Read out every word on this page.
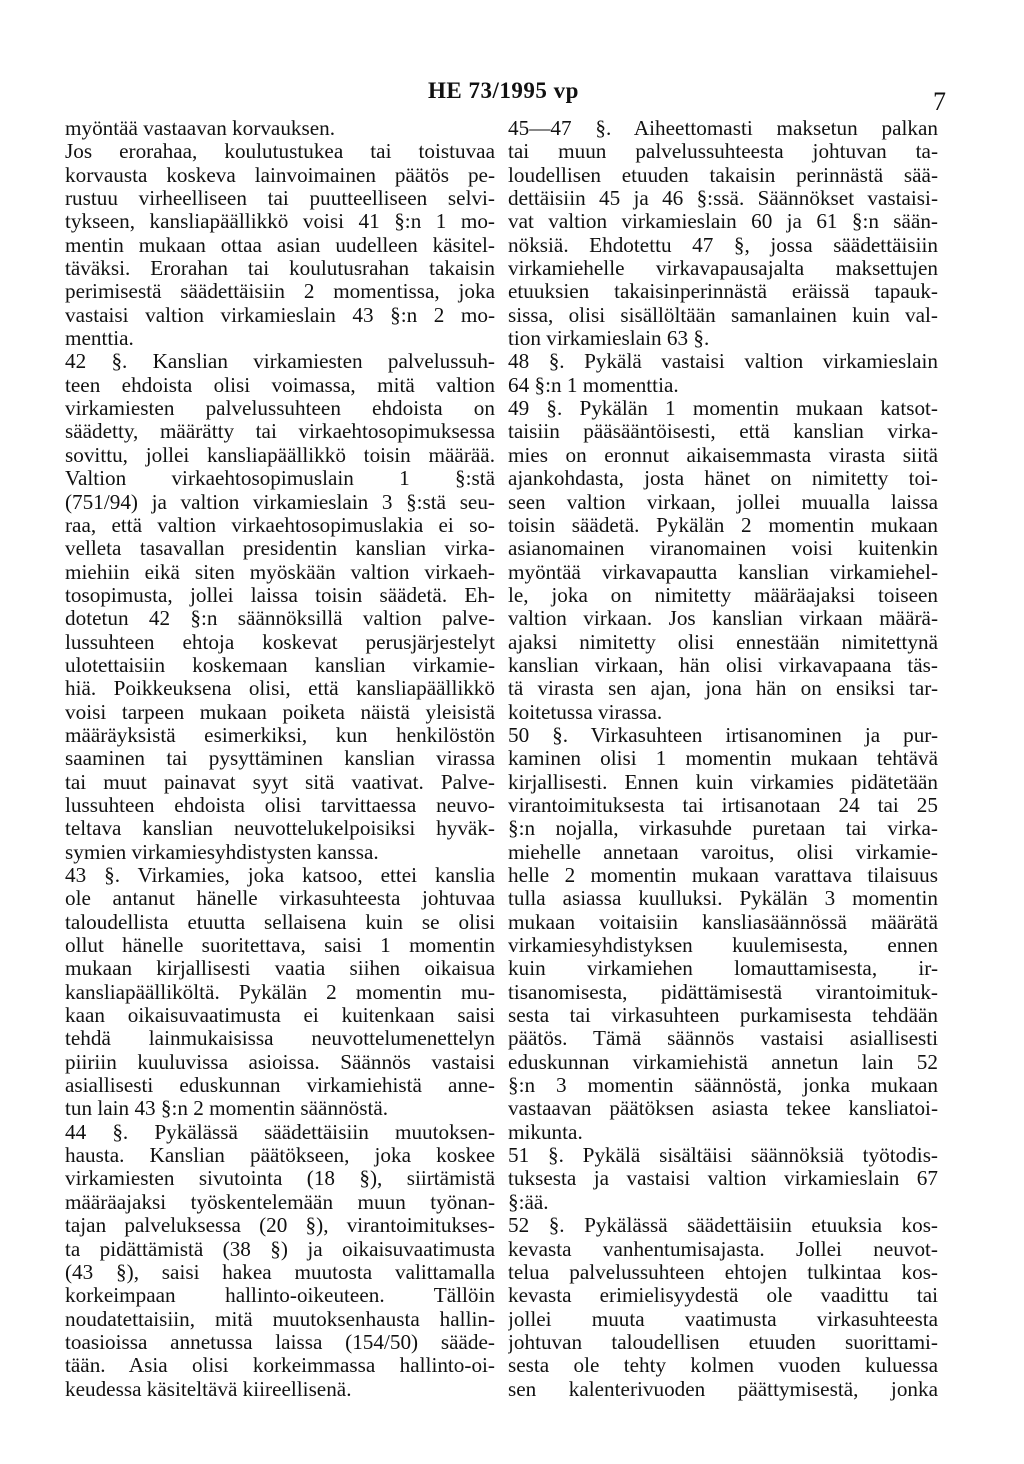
HE 73/1995 vp	7
myöntää vastaavan korvauksen.
Jos erorahaa, koulutustukea tai toistuvaa
korvausta koskeva lainvoimainen päätös pe-
rustuu virheelliseen tai puutteelliseen selvi-
tykseen, kansliapäällikkö voisi 41 §:n 1 mo-
mentin mukaan ottaa asian uudelleen käsitel-
täväksi. Erorahan tai koulutusrahan takaisin
perimisestä säädettäisiin 2 momentissa, joka
vastaisi valtion virkamieslain 43 §:n 2 mo-
menttia.
42 §. Kanslian virkamiesten palvelussuh-
teen ehdoista olisi voimassa, mitä valtion
virkamiesten palvelussuhteen ehdoista on
säädetty, määrätty tai virkaehtosopimuksessa
sovittu, jollei kansliapäällikkö toisin määrää.
Valtion virkaehtosopimuslain 1 §:stä
(751/94) ja valtion virkamieslain 3 §:stä seu-
raa, että valtion virkaehtosopimuslakia ei so-
velleta tasavallan presidentin kanslian virka-
miehiin eikä siten myöskään valtion virkaeh-
tosopimusta, jollei laissa toisin säädetä. Eh-
dotetun 42 §:n säännöksillä valtion palve-
lussuhteen ehtoja koskevat perusjärjestelyt
ulotettaisiin koskemaan kanslian virkamie-
hiä. Poikkeuksena olisi, että kansliapäällikkö
voisi tarpeen mukaan poiketa näistä yleisistä
määräyksistä esimerkiksi, kun henkilöstön
saaminen tai pysyttäminen kanslian virassa
tai muut painavat syyt sitä vaativat. Palve-
lussuhteen ehdoista olisi tarvittaessa neuvo-
teltava kanslian neuvottelukelpoisiksi hyväk-
symien virkamiesyhdistysten kanssa.
43 §. Virkamies, joka katsoo, ettei kanslia
ole antanut hänelle virkasuhteesta johtuvaa
taloudellista etuutta sellaisena kuin se olisi
ollut hänelle suoritettava, saisi 1 momentin
mukaan kirjallisesti vaatia siihen oikaisua
kansliapäälliköltä. Pykälän 2 momentin mu-
kaan oikaisuvaatimusta ei kuitenkaan saisi
tehdä lainmukaisissa neuvottelumenettelyn
piiriin kuuluvissa asioissa. Säännös vastaisi
asiallisesti eduskunnan virkamiehistä anne-
tun lain 43 §:n 2 momentin säännöstä.
44 §. Pykälässä säädettäisiin muutoksen-
hausta. Kanslian päätökseen, joka koskee
virkamiesten sivutointa (18 §), siirtämistä
määräajaksi työskentelemään muun työnan-
tajan palveluksessa (20 §), virantoimitukses-
ta pidättämistä (38 §) ja oikaisuvaatimusta
(43 §), saisi hakea muutosta valittamalla
korkeimpaan hallinto-oikeuteen. Tällöin
noudatettaisiin, mitä muutoksenhausta hallin-
toasioissa annetussa laissa (154/50) sääde-
tään. Asia olisi korkeimmassa hallinto-oi-
keudessa käsiteltävä kiireellisenä.
45—47 §. Aiheettomasti maksetun palkan
tai muun palvelussuhteesta johtuvan ta-
loudellisen etuuden takaisin perinnästä sää-
dettäisiin 45 ja 46 §:ssä. Säännökset vastaisi-
vat valtion virkamieslain 60 ja 61 §:n sään-
nöksiä. Ehdotettu 47 §, jossa säädettäisiin
virkamiehelle virkavapausajalta maksettujen
etuuksien takaisinperinnästä eräissä tapauk-
sissa, olisi sisällöltään samanlainen kuin val-
tion virkamieslain 63 §.
48 §. Pykälä vastaisi valtion virkamieslain
64 §:n 1 momenttia.
49 §. Pykälän 1 momentin mukaan katsot-
taisiin pääsääntöisesti, että kanslian virka-
mies on eronnut aikaisemmasta virasta siitä
ajankohdasta, josta hänet on nimitetty toi-
seen valtion virkaan, jollei muualla laissa
toisin säädetä. Pykälän 2 momentin mukaan
asianomainen viranomainen voisi kuitenkin
myöntää virkavapautta kanslian virkamiehel-
le, joka on nimitetty määräajaksi toiseen
valtion virkaan. Jos kanslian virkaan määrä-
ajaksi nimitetty olisi ennestään nimitettynä
kanslian virkaan, hän olisi virkavapaana täs-
tä virasta sen ajan, jona hän on ensiksi tar-
koitetussa virassa.
50 §. Virkasuhteen irtisanominen ja pur-
kaminen olisi 1 momentin mukaan tehtävä
kirjallisesti. Ennen kuin virkamies pidätetään
virantoimituksesta tai irtisanotaan 24 tai 25
§:n nojalla, virkasuhde puretaan tai virka-
miehelle annetaan varoitus, olisi virkamie-
helle 2 momentin mukaan varattava tilaisuus
tulla asiassa kuulluksi. Pykälän 3 momentin
mukaan voitaisiin kansliasäännössä määrätä
virkamiesyhdistyksen kuulemisesta, ennen
kuin virkamiehen lomauttamisesta, ir-
tisanomisesta, pidättämisestä virantoimituk-
sesta tai virkasuhteen purkamisesta tehdään
päätös. Tämä säännös vastaisi asiallisesti
eduskunnan virkamiehistä annetun lain 52
§:n 3 momentin säännöstä, jonka mukaan
vastaavan päätöksen asiasta tekee kansliatoi-
mikunta.
51 §. Pykälä sisältäisi säännöksiä työtodis-
tuksesta ja vastaisi valtion virkamieslain 67
§:ää.
52 §. Pykälässä säädettäisiin etuuksia kos-
kevasta vanhentumisajasta. Jollei neuvot-
telua palvelussuhteen ehtojen tulkintaa kos-
kevasta erimielisyydestä ole vaadittu tai
jollei muuta vaatimusta virkasuhteesta
johtuvan taloudellisen etuuden suorittami-
sesta ole tehty kolmen vuoden kuluessa
sen kalenterivuoden päättymisestä, jonka
